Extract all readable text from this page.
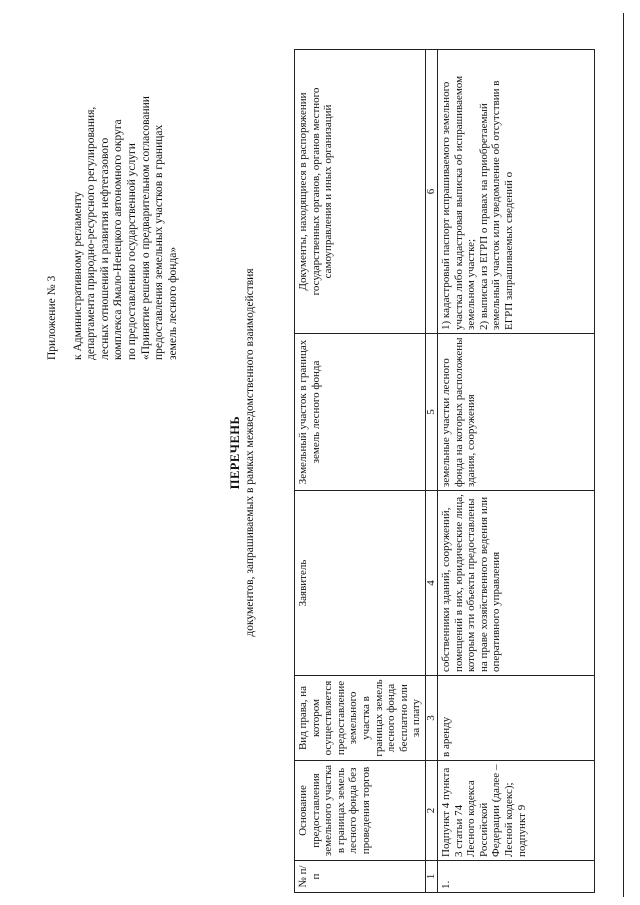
Приложение № 3 к Административному регламенту департамента природно-ресурсного регулирования, лесных отношений и развития нефтегазового комплекса Ямало-Ненецкого автономного округа по предоставлению государственной услуги «Принятие решения о предварительном согласовании предоставления земельных участков в границах земель лесного фонда»
ПЕРЕЧЕНЬ документов, запрашиваемых в рамках межведомственного взаимодействия
№ п/п	Основание предоставления земельного участка в границах земель лесного фонда без проведения торгов	Вид права, на котором осуществляется предоставление земельного участка в границах земель лесного фонда бесплатно или за плату	Заявитель	Земельный участок в границах земель лесного фонда	Документы, находящиеся в распоряжении государственных органов, органов местного самоуправления и иных организаций
1	2	3	4	5	6
1.	Подпункт 4 пункта 3 статьи 74 Лесного кодекса Российской Федерации (далее – Лесной кодекс); подпункт 9	в аренду	собственники зданий, сооружений, помещений в них, юридические лица, которым эти объекты предоставлены на праве хозяйственного ведения или оперативного управления	земельные участки лесного фонда на которых расположены здания, сооружения	1) кадастровый паспорт испрашиваемого земельного участка либо кадастровая выписка об испрашиваемом земельном участке;
2) выписка из ЕГРП о правах на приобретаемый земельный участок или уведомление об отсутствии в ЕГРП запрашиваемых сведений о
